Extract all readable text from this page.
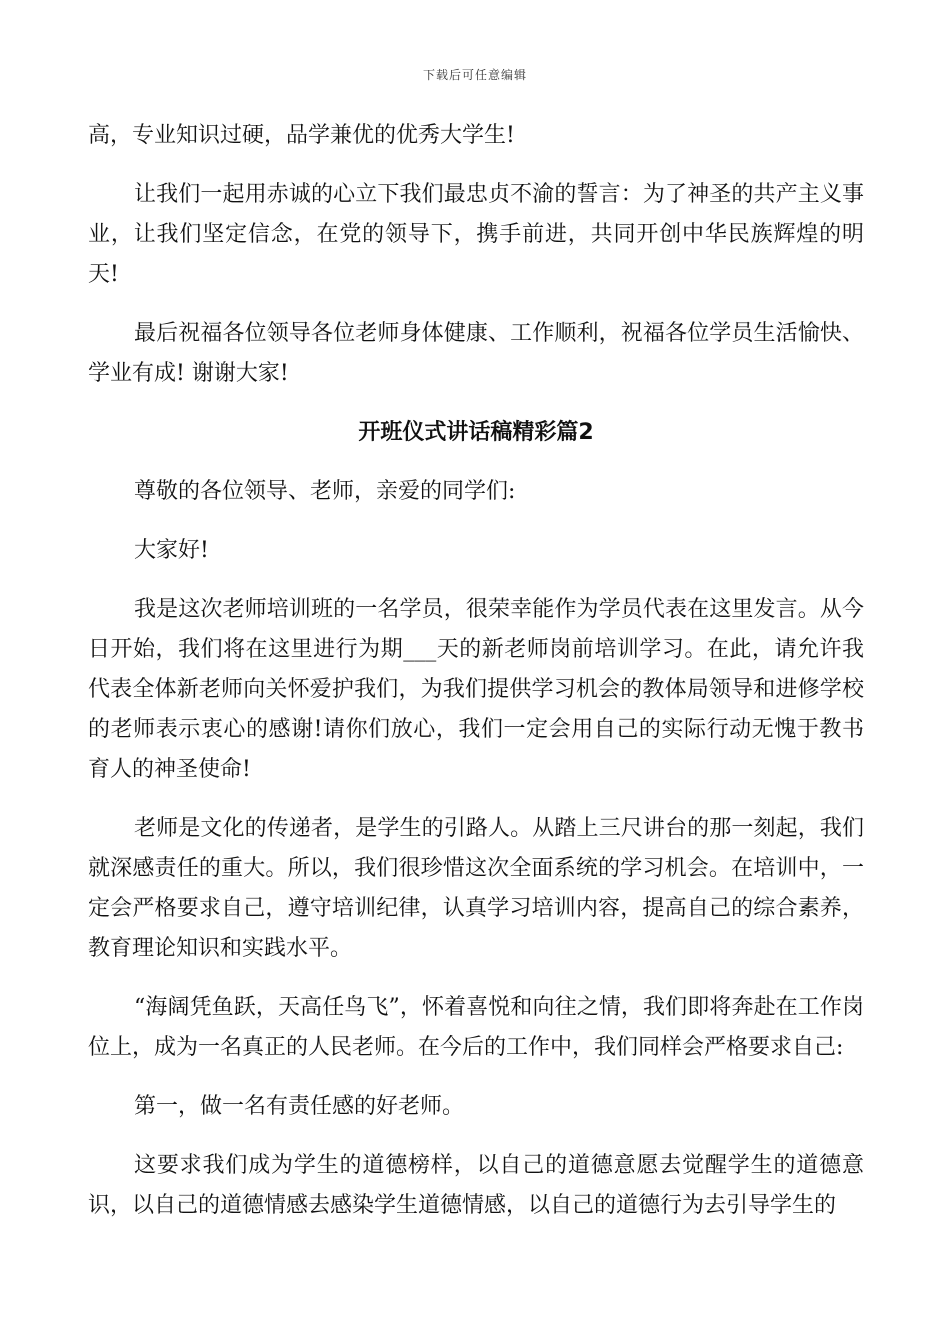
下载后可任意编辑

高，专业知识过硬，品学兼优的优秀大学生!

让我们一起用赤诚的心立下我们最忠贞不渝的誓言：为了神圣的共产主义事业，让我们坚定信念，在党的领导下，携手前进，共同开创中华民族辉煌的明天!

最后祝福各位领导各位老师身体健康、工作顺利，祝福各位学员生活愉快、学业有成! 谢谢大家!

开班仪式讲话稿精彩篇2

尊敬的各位领导、老师，亲爱的同学们:

大家好!

我是这次老师培训班的一名学员，很荣幸能作为学员代表在这里发言。从今日开始，我们将在这里进行为期___天的新老师岗前培训学习。在此，请允许我代表全体新老师向关怀爱护我们，为我们提供学习机会的教体局领导和进修学校的老师表示衷心的感谢!请你们放心，我们一定会用自己的实际行动无愧于教书育人的神圣使命!

老师是文化的传递者，是学生的引路人。从踏上三尺讲台的那一刻起，我们就深感责任的重大。所以，我们很珍惜这次全面系统的学习机会。在培训中，一定会严格要求自己，遵守培训纪律，认真学习培训内容，提高自己的综合素养，教育理论知识和实践水平。

“海阔凭鱼跃，天高任鸟飞”，怀着喜悦和向往之情，我们即将奔赴在工作岗位上，成为一名真正的人民老师。在今后的工作中，我们同样会严格要求自己:

第一，做一名有责任感的好老师。

这要求我们成为学生的道德榜样，以自己的道德意愿去觉醒学生的道德意识，以自己的道德情感去感染学生道德情感，以自己的道德行为去引导学生的
